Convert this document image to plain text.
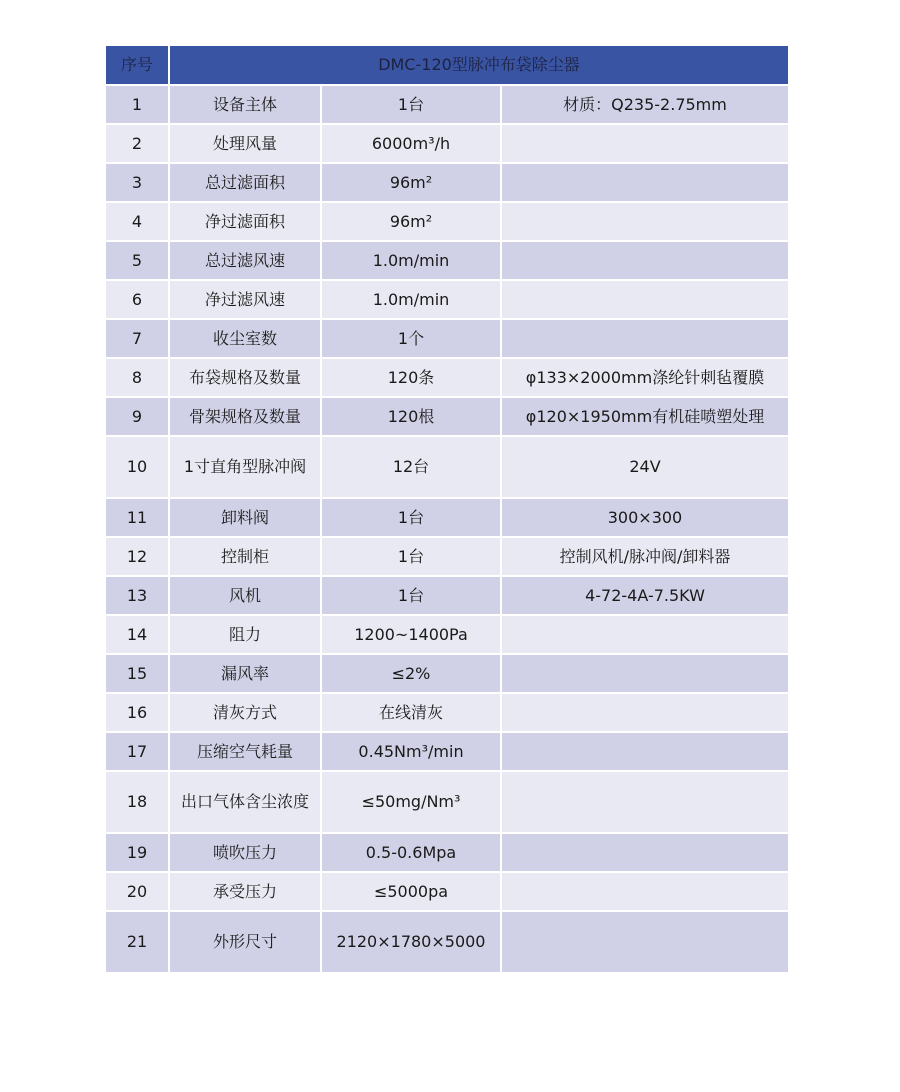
序号	DMC-120型脉冲布袋除尘器		
1	设备主体	1台	材质：Q235-2.75mm
2	处理风量	6000m³/h	
3	总过滤面积	96m²	
4	净过滤面积	96m²	
5	总过滤风速	1.0m/min	
6	净过滤风速	1.0m/min	
7	收尘室数	1个	
8	布袋规格及数量	120条	φ133×2000mm涤纶针刺毡覆膜
9	骨架规格及数量	120根	φ120×1950mm有机硅喷塑处理
10	1寸直角型脉冲阀	12台	24V
11	卸料阀	1台	300×300
12	控制柜	1台	控制风机/脉冲阀/卸料器
13	风机	1台	4-72-4A-7.5KW
14	阻力	1200~1400Pa	
15	漏风率	≤2%	
16	清灰方式	在线清灰	
17	压缩空气耗量	0.45Nm³/min	
18	出口气体含尘浓度	≤50mg/Nm³	
19	喷吹压力	0.5-0.6Mpa	
20	承受压力	≤5000pa	
21	外形尺寸	2120×1780×5000	
